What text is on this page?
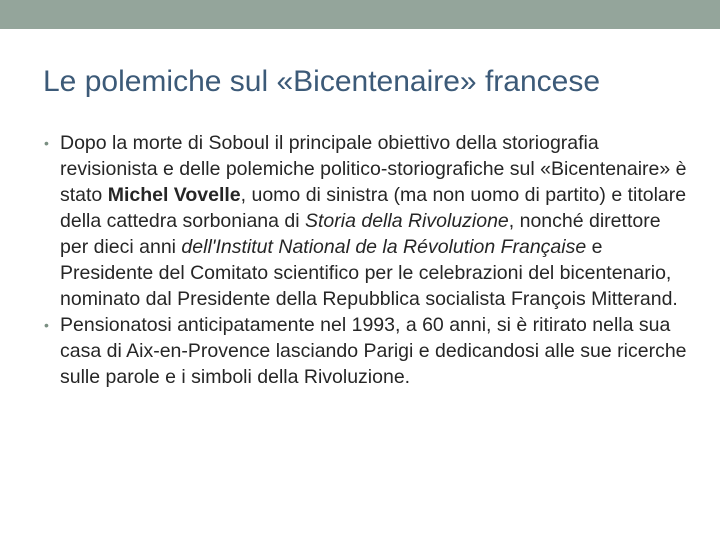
Le polemiche sul «Bicentenaire» francese
• Dopo la morte di Soboul il principale obiettivo della storiografia revisionista e delle polemiche politico-storiografiche sul «Bicentenaire» è stato Michel Vovelle, uomo di sinistra (ma non uomo di partito) e titolare della cattedra sorboniana di Storia della Rivoluzione, nonché direttore per dieci anni dell'Institut National de la Révolution Française e Presidente del Comitato scientifico per le celebrazioni del bicentenario, nominato dal Presidente della Repubblica socialista François Mitterand.
• Pensionatosi anticipatamente nel 1993, a 60 anni, si è ritirato nella sua casa di Aix-en-Provence lasciando Parigi e dedicandosi alle sue ricerche sulle parole e i simboli della Rivoluzione.
